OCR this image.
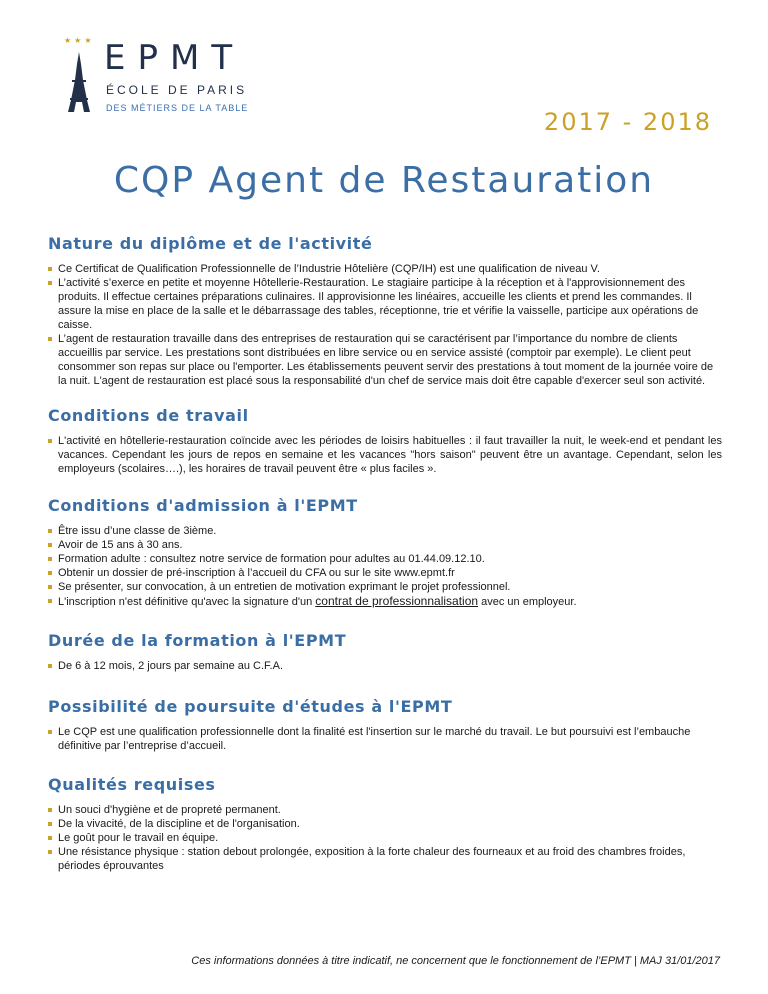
★★★ EPMT
ÉCOLE DE PARIS
DES MÉTIERS DE LA TABLE	2017 - 2018
CQP Agent de Restauration
Nature du diplôme et de l'activité
Ce Certificat de Qualification Professionnelle de l’Industrie Hôtelière (CQP/IH) est une qualification de niveau V.
L’activité s’exerce en petite et moyenne Hôtellerie-Restauration. Le stagiaire participe à la réception et à l'approvisionnement des produits. Il effectue certaines préparations culinaires. Il approvisionne les linéaires, accueille les clients et prend les commandes. Il assure la mise en place de la salle et le débarrassage des tables, réceptionne, trie et vérifie la vaisselle, participe aux opérations de caisse.
L’agent de restauration travaille dans des entreprises de restauration qui se caractérisent par l’importance du nombre de clients accueillis par service. Les prestations sont distribuées en libre service ou en service assisté (comptoir par exemple). Le client peut consommer son repas sur place ou l'emporter. Les établissements peuvent servir des prestations à tout moment de la journée voire de la nuit. L'agent de restauration est placé sous la responsabilité d'un chef de service mais doit être capable d'exercer seul son activité.
Conditions de travail
L'activité en hôtellerie-restauration coïncide avec les périodes de loisirs habituelles : il faut travailler la nuit, le week-end et pendant les vacances. Cependant les jours de repos en semaine et les vacances "hors saison" peuvent être un avantage. Cependant, selon les employeurs (scolaires….), les horaires de travail peuvent être « plus faciles ».
Conditions d'admission à l'EPMT
Être issu d’une classe de 3ième.
Avoir de 15 ans à 30 ans.
Formation adulte : consultez notre service de formation pour adultes au 01.44.09.12.10.
Obtenir un dossier de pré-inscription à l’accueil du CFA ou sur le site www.epmt.fr
Se présenter, sur convocation, à un entretien de motivation exprimant le projet professionnel.
L'inscription n'est définitive qu'avec la signature d'un contrat de professionnalisation avec un employeur.
Durée de la formation à l'EPMT
De 6 à 12 mois, 2 jours par semaine au C.F.A.
Possibilité de poursuite d'études à l'EPMT
Le CQP est une qualification professionnelle dont la finalité est l'insertion sur le marché du travail. Le but poursuivi est l’embauche définitive par l’entreprise d’accueil.
Qualités requises
Un souci d'hygiène et de propreté permanent.
De la vivacité, de la discipline et de l'organisation.
Le goût pour le travail en équipe.
Une résistance physique : station debout prolongée, exposition à la forte chaleur des fourneaux et au froid des chambres froides, périodes éprouvantes
Ces informations données à titre indicatif, ne concernent que le fonctionnement de l’EPMT | MAJ 31/01/2017
